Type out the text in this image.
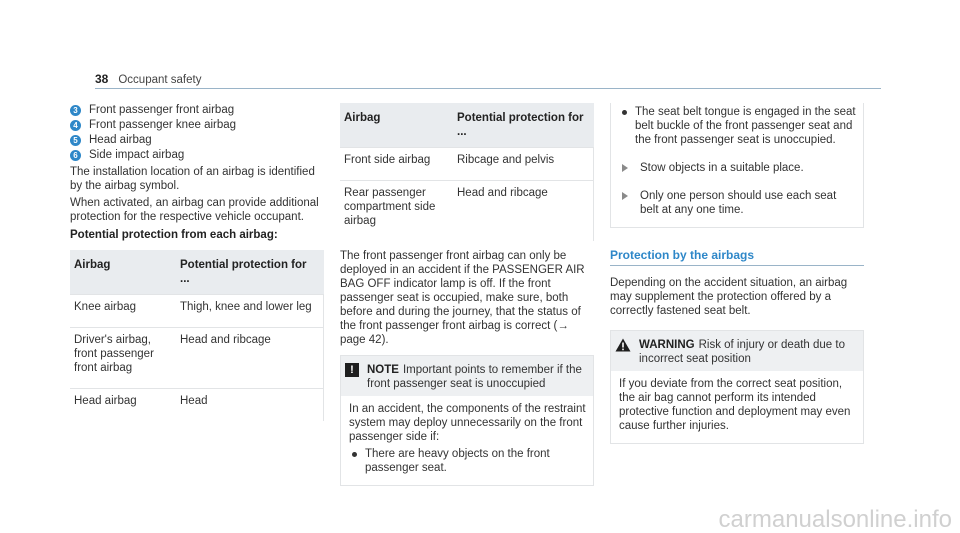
38 Occupant safety
3 Front passenger front airbag
4 Front passenger knee airbag
5 Head airbag
6 Side impact airbag

The installation location of an airbag is identified by the airbag symbol.

When activated, an airbag can provide additional protection for the respective vehicle occupant.

Potential protection from each airbag:

Airbag	Potential protection for ...
Knee airbag	Thigh, knee and lower leg
Driver's airbag, front passenger front airbag	Head and ribcage
Head airbag	Head
Airbag	Potential protection for ...
Front side airbag	Ribcage and pelvis
Rear passenger compartment side airbag	Head and ribcage

The front passenger front airbag can only be deployed in an accident if the PASSENGER AIR BAG OFF indicator lamp is off. If the front passenger seat is occupied, make sure, both before and during the journey, that the status of the front passenger front airbag is correct (→ page 42).

!	NOTE Important points to remember if the front passenger seat is unoccupied

In an accident, the components of the restraint system may deploy unnecessarily on the front passenger side if:

There are heavy objects on the front passenger seat.
The seat belt tongue is engaged in the seat belt buckle of the front passenger seat and the front passenger seat is unoccupied.
Stow objects in a suitable place.
Only one person should use each seat belt at any one time.

Protection by the airbags

Depending on the accident situation, an airbag may supplement the protection offered by a correctly fastened seat belt.

WARNING Risk of injury or death due to incorrect seat position

If you deviate from the correct seat position, the air bag cannot perform its intended protective function and deployment may even cause further injuries.

carmanualsonline.info
